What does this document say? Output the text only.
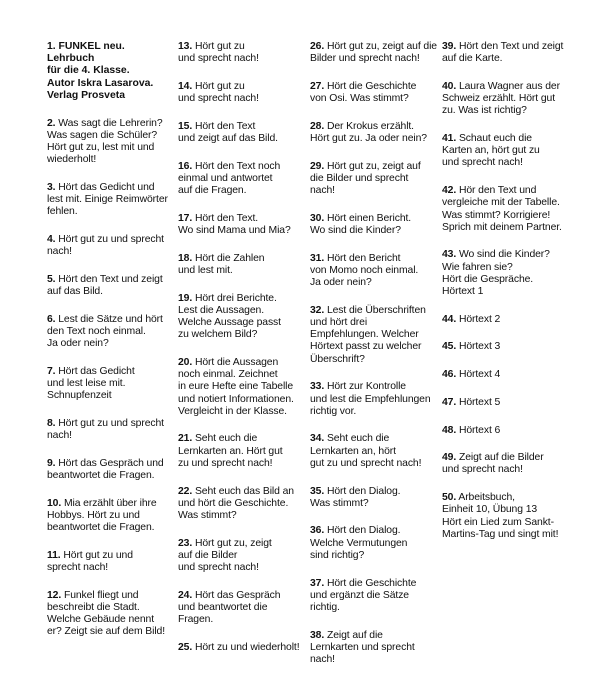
1. FUNKEL neu.
Lehrbuch
für die 4. Klasse.
Autor Iskra Lasarova.
Verlag Prosveta
2. Was sagt die Lehrerin?
Was sagen die Schüler?
Hört gut zu, lest mit und
wiederholt!
3. Hört das Gedicht und
lest mit. Einige Reimwörter
fehlen.
4. Hört gut zu und sprecht
nach!
5. Hört den Text und zeigt
auf das Bild.
6. Lest die Sätze und hört
den Text noch einmal.
Ja oder nein?
7. Hört das Gedicht
und lest leise mit.
Schnupfenzeit
8. Hört gut zu und sprecht
nach!
9. Hört das Gespräch und
beantwortet die Fragen.
10. Mia erzählt über ihre
Hobbys. Hört zu und
beantwortet die Fragen.
11. Hört gut zu und
sprecht nach!
12. Funkel fliegt und
beschreibt die Stadt.
Welche Gebäude nennt
er? Zeigt sie auf dem Bild!
13. Hört gut zu
und sprecht nach!
14. Hört gut zu
und sprecht nach!
15. Hört den Text
und zeigt auf das Bild.
16. Hört den Text noch
einmal und antwortet
auf die Fragen.
17. Hört den Text.
Wo sind Mama und Mia?
18. Hört die Zahlen
und lest mit.
19. Hört drei Berichte.
Lest die Aussagen.
Welche Aussage passt
zu welchem Bild?
20. Hört die Aussagen
noch einmal. Zeichnet
in eure Hefte eine Tabelle
und notiert Informationen.
Vergleicht in der Klasse.
21. Seht euch die
Lernkarten an. Hört gut
zu und sprecht nach!
22. Seht euch das Bild an
und hört die Geschichte.
Was stimmt?
23. Hört gut zu, zeigt
auf die Bilder
und sprecht nach!
24. Hört das Gespräch
und beantwortet die
Fragen.
25. Hört zu und wiederholt!
26. Hört gut zu, zeigt auf die
Bilder und sprecht nach!
27. Hört die Geschichte
von Osi. Was stimmt?
28. Der Krokus erzählt.
Hört gut zu. Ja oder nein?
29. Hört gut zu, zeigt auf
die Bilder und sprecht
nach!
30. Hört einen Bericht.
Wo sind die Kinder?
31. Hört den Bericht
von Momo noch einmal.
Ja oder nein?
32. Lest die Überschriften
und hört drei
Empfehlungen. Welcher
Hörtext passt zu welcher
Überschrift?
33. Hört zur Kontrolle
und lest die Empfehlungen
richtig vor.
34. Seht euch die
Lernkarten an, hört
gut zu und sprecht nach!
35. Hört den Dialog.
Was stimmt?
36. Hört den Dialog.
Welche Vermutungen
sind richtig?
37. Hört die Geschichte
und ergänzt die Sätze
richtig.
38. Zeigt auf die
Lernkarten und sprecht
nach!
39. Hört den Text und zeigt
auf die Karte.
40. Laura Wagner aus der
Schweiz erzählt. Hört gut
zu. Was ist richtig?
41. Schaut euch die
Karten an, hört gut zu
und sprecht nach!
42. Hör den Text und
vergleiche mit der Tabelle.
Was stimmt? Korrigiere!
Sprich mit deinem Partner.
43. Wo sind die Kinder?
Wie fahren sie?
Hört die Gespräche.
Hörtext 1
44. Hörtext 2
45. Hörtext 3
46. Hörtext 4
47. Hörtext 5
48. Hörtext 6
49. Zeigt auf die Bilder
und sprecht nach!
50. Arbeitsbuch,
Einheit 10, Übung 13
Hört ein Lied zum Sankt-
Martins-Tag und singt mit!
